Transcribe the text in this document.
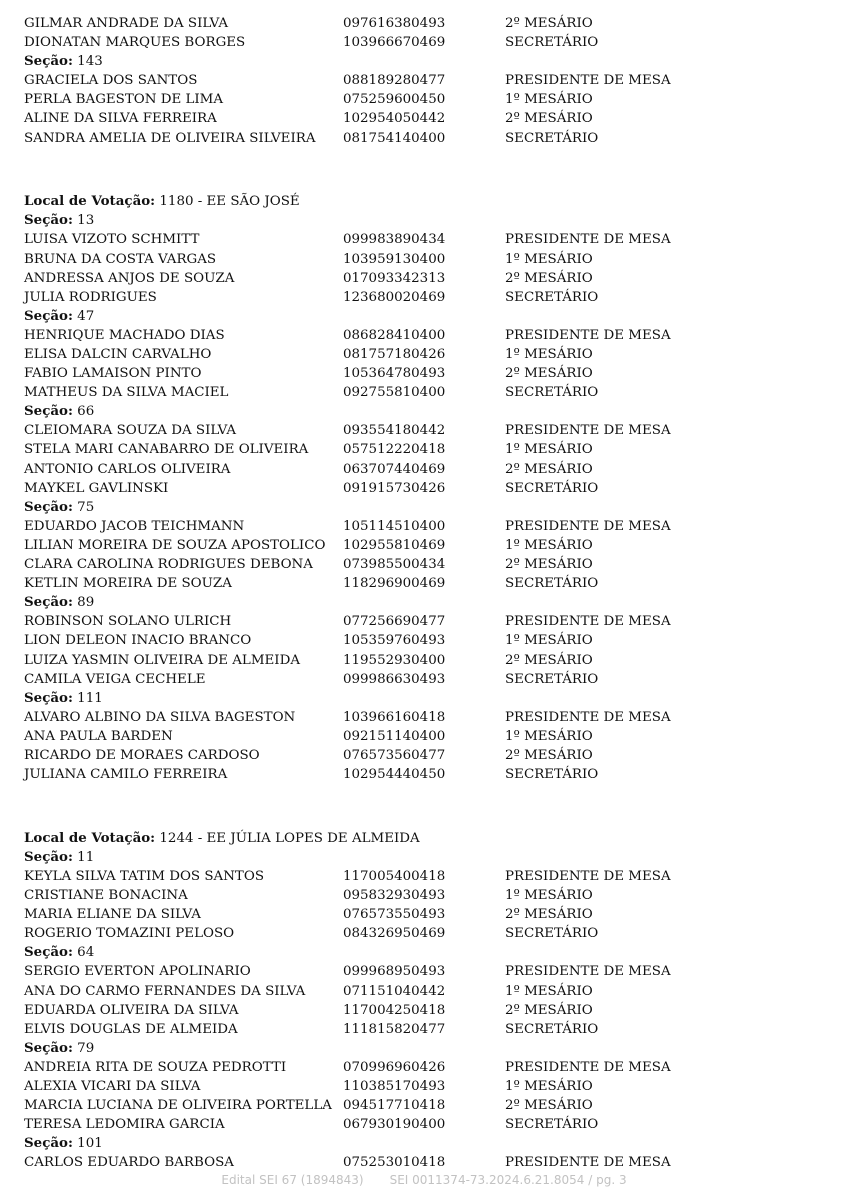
GILMAR ANDRADE DA SILVA	097616380493	2º MESÁRIO
DIONATAN MARQUES BORGES	103966670469	SECRETÁRIO
Seção: 143
GRACIELA DOS SANTOS	088189280477	PRESIDENTE DE MESA
PERLA BAGESTON DE LIMA	075259600450	1º MESÁRIO
ALINE DA SILVA FERREIRA	102954050442	2º MESÁRIO
SANDRA AMELIA DE OLIVEIRA SILVEIRA 081754140400	SECRETÁRIO
Local de Votação: 1180 - EE SÃO JOSÉ
Seção: 13
LUISA VIZOTO SCHMITT	099983890434	PRESIDENTE DE MESA
BRUNA DA COSTA VARGAS	103959130400	1º MESÁRIO
ANDRESSA ANJOS DE SOUZA	017093342313	2º MESÁRIO
JULIA RODRIGUES	123680020469	SECRETÁRIO
Seção: 47
HENRIQUE MACHADO DIAS	086828410400	PRESIDENTE DE MESA
ELISA DALCIN CARVALHO	081757180426	1º MESÁRIO
FABIO LAMAISON PINTO	105364780493	2º MESÁRIO
MATHEUS DA SILVA MACIEL	092755810400	SECRETÁRIO
Seção: 66
CLEIOMARA SOUZA DA SILVA	093554180442	PRESIDENTE DE MESA
STELA MARI CANABARRO DE OLIVEIRA	057512220418	1º MESÁRIO
ANTONIO CARLOS OLIVEIRA	063707440469	2º MESÁRIO
MAYKEL GAVLINSKI	091915730426	SECRETÁRIO
Seção: 75
EDUARDO JACOB TEICHMANN	105114510400	PRESIDENTE DE MESA
LILIAN MOREIRA DE SOUZA APOSTOLICO 102955810469	1º MESÁRIO
CLARA CAROLINA RODRIGUES DEBONA 073985500434	2º MESÁRIO
KETLIN MOREIRA DE SOUZA	118296900469	SECRETÁRIO
Seção: 89
ROBINSON SOLANO ULRICH	077256690477	PRESIDENTE DE MESA
LION DELEON INACIO BRANCO	105359760493	1º MESÁRIO
LUIZA YASMIN OLIVEIRA DE ALMEIDA	119552930400	2º MESÁRIO
CAMILA VEIGA CECHELE	099986630493	SECRETÁRIO
Seção: 111
ALVARO ALBINO DA SILVA BAGESTON	103966160418	PRESIDENTE DE MESA
ANA PAULA BARDEN	092151140400	1º MESÁRIO
RICARDO DE MORAES CARDOSO	076573560477	2º MESÁRIO
JULIANA CAMILO FERREIRA	102954440450	SECRETÁRIO
Local de Votação: 1244 - EE JÚLIA LOPES DE ALMEIDA
Seção: 11
KEYLA SILVA TATIM DOS SANTOS	117005400418	PRESIDENTE DE MESA
CRISTIANE BONACINA	095832930493	1º MESÁRIO
MARIA ELIANE DA SILVA	076573550493	2º MESÁRIO
ROGERIO TOMAZINI PELOSO	084326950469	SECRETÁRIO
Seção: 64
SERGIO EVERTON APOLINARIO	099968950493	PRESIDENTE DE MESA
ANA DO CARMO FERNANDES DA SILVA	071151040442	1º MESÁRIO
EDUARDA OLIVEIRA DA SILVA	117004250418	2º MESÁRIO
ELVIS DOUGLAS DE ALMEIDA	111815820477	SECRETÁRIO
Seção: 79
ANDREIA RITA DE SOUZA PEDROTTI	070996960426	PRESIDENTE DE MESA
ALEXIA VICARI DA SILVA	110385170493	1º MESÁRIO
MARCIA LUCIANA DE OLIVEIRA PORTELLA 094517710418	2º MESÁRIO
TERESA LEDOMIRA GARCIA	067930190400	SECRETÁRIO
Seção: 101
CARLOS EDUARDO BARBOSA	075253010418	PRESIDENTE DE MESA
Edital SEI 67 (1894843) SEI 0011374-73.2024.6.21.8054 / pg. 3
